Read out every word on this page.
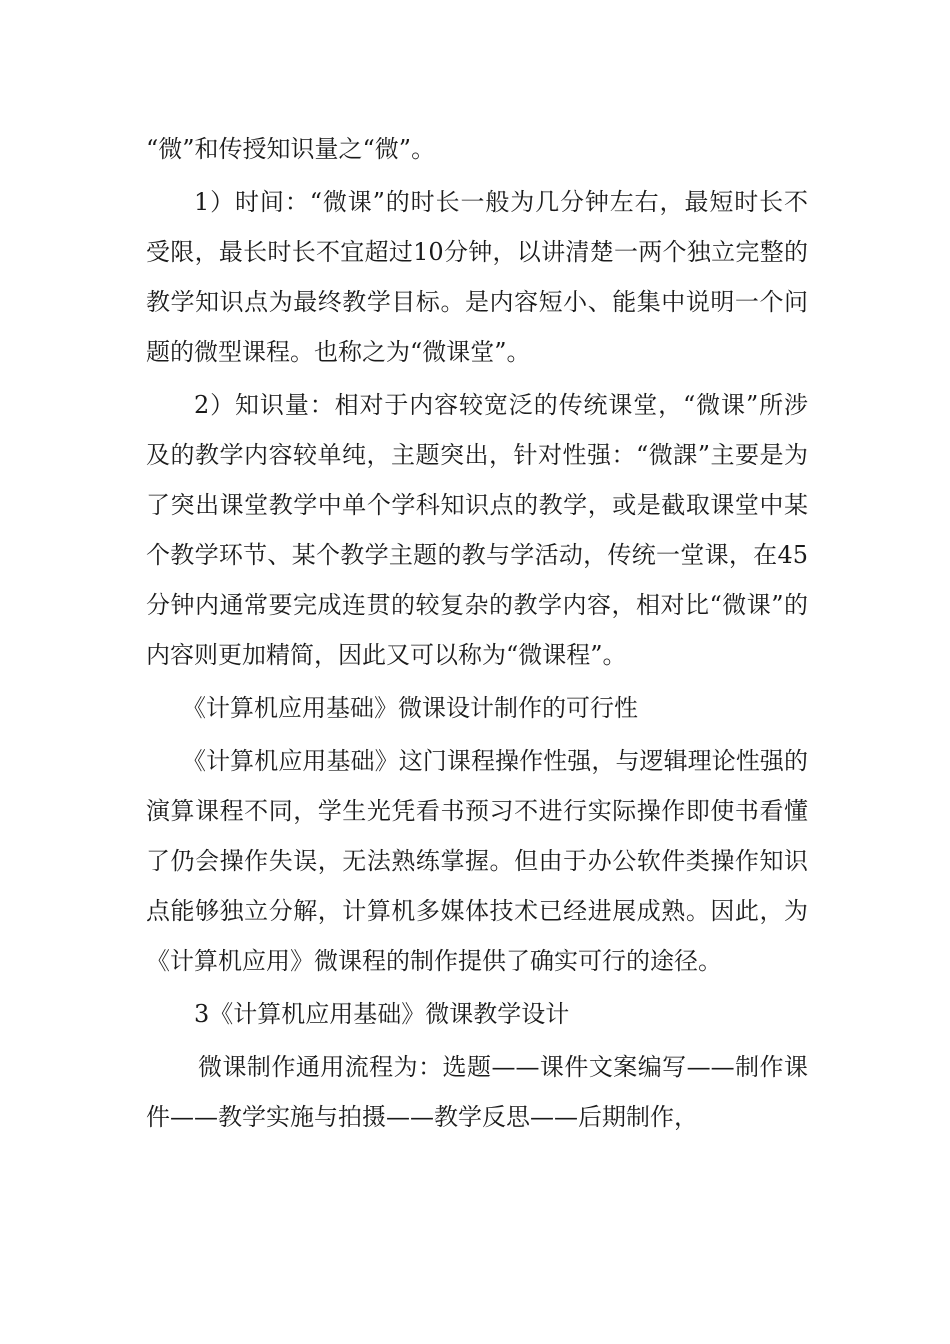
“微”和传授知识量之“微”。

1）时间：“微课”的时长一般为几分钟左右，最短时长不受限，最长时长不宜超过10分钟，以讲清楚一两个独立完整的教学知识点为最终教学目标。是内容短小、能集中说明一个问题的微型课程。也称之为“微课堂”。

2）知识量：相对于内容较宽泛的传统课堂，“微课”所涉及的教学内容较单纯，主题突出，针对性强：“微課”主要是为了突出课堂教学中单个学科知识点的教学，或是截取课堂中某个教学环节、某个教学主题的教与学活动，传统一堂课，在45分钟内通常要完成连贯的较复杂的教学内容，相对比“微课”的内容则更加精简，因此又可以称为“微课程”。

《计算机应用基础》微课设计制作的可行性

《计算机应用基础》这门课程操作性强，与逻辑理论性强的演算课程不同，学生光凭看书预习不进行实际操作即使书看懂了仍会操作失误，无法熟练掌握。但由于办公软件类操作知识点能够独立分解，计算机多媒体技术已经进展成熟。因此，为《计算机应用》微课程的制作提供了确实可行的途径。

3《计算机应用基础》微课教学设计

微课制作通用流程为：选题——课件文案编写——制作课件——教学实施与拍摄——教学反思——后期制作，
